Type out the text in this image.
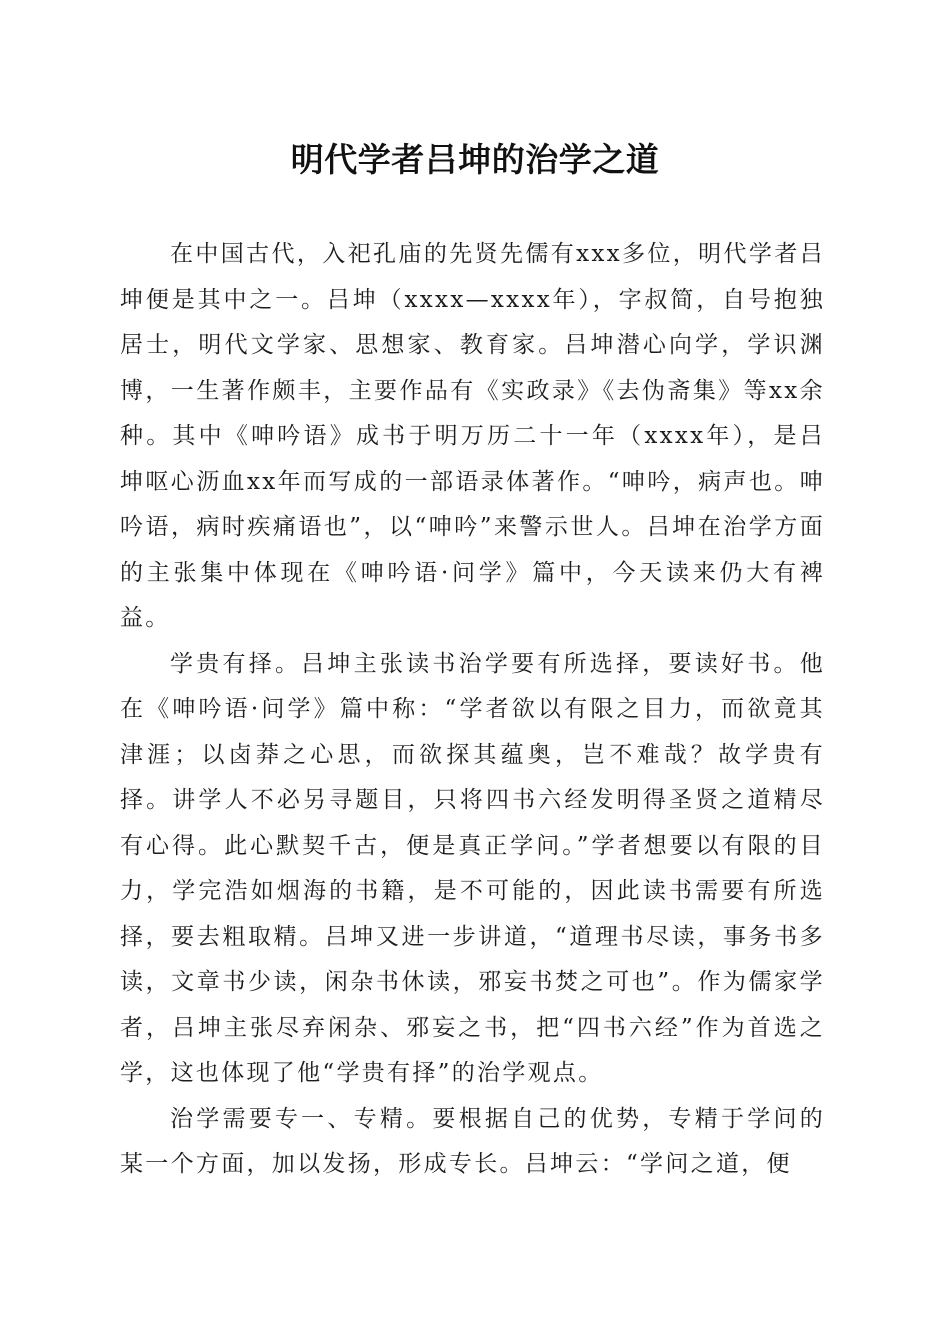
明代学者吕坤的治学之道

在中国古代，入祀孔庙的先贤先儒有xxx多位，明代学者吕坤便是其中之一。吕坤（xxxx—xxxx年），字叔简，自号抱独居士，明代文学家、思想家、教育家。吕坤潜心向学，学识渊博，一生著作颇丰，主要作品有《实政录》《去伪斋集》等xx余种。其中《呻吟语》成书于明万历二十一年（xxxx年），是吕坤呕心沥血xx年而写成的一部语录体著作。“呻吟，病声也。呻吟语，病时疾痛语也”，以“呻吟”来警示世人。吕坤在治学方面的主张集中体现在《呻吟语·问学》篇中，今天读来仍大有裨益。

学贵有择。吕坤主张读书治学要有所选择，要读好书。他在《呻吟语·问学》篇中称：“学者欲以有限之目力，而欲竟其津涯；以卤莽之心思，而欲探其蕴奥，岂不难哉？故学贵有择。讲学人不必另寻题目，只将四书六经发明得圣贤之道精尽有心得。此心默契千古，便是真正学问。”学者想要以有限的目力，学完浩如烟海的书籍，是不可能的，因此读书需要有所选择，要去粗取精。吕坤又进一步讲道，“道理书尽读，事务书多读，文章书少读，闲杂书休读，邪妄书焚之可也”。作为儒家学者，吕坤主张尽弃闲杂、邪妄之书，把“四书六经”作为首选之学，这也体现了他“学贵有择”的治学观点。

治学需要专一、专精。要根据自己的优势，专精于学问的某一个方面，加以发扬，形成专长。吕坤云：“学问之道，便
